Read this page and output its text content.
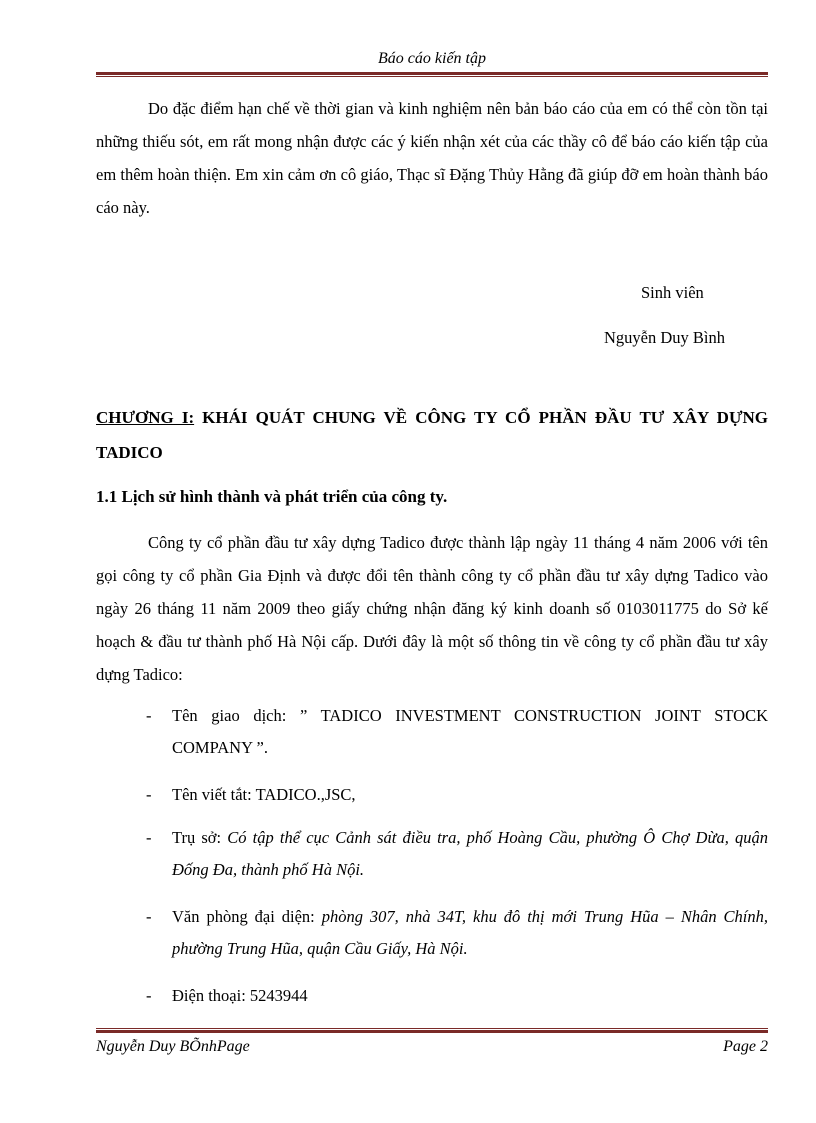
Báo cáo kiến tập

Do đặc điểm hạn chế về thời gian và kinh nghiệm nên bản báo cáo của em có thể còn tồn tại những thiếu sót, em rất mong nhận được các ý kiến nhận xét của các thầy cô để báo cáo kiến tập của em thêm hoàn thiện. Em xin cảm ơn cô giáo, Thạc sĩ Đặng Thủy Hằng đã giúp đỡ em hoàn thành báo cáo này.

Sinh viên
Nguyễn Duy Bình
CHƯƠNG I: KHÁI QUÁT CHUNG VỀ CÔNG TY CỔ PHẦN ĐẦU TƯ XÂY DỰNG TADICO
1.1 Lịch sử hình thành và phát triển của công ty.

Công ty cổ phần đầu tư xây dựng Tadico được thành lập ngày 11 tháng 4 năm 2006 với tên gọi công ty cổ phần Gia Định và được đổi tên thành công ty cổ phần đầu tư xây dựng Tadico vào ngày 26 tháng 11 năm 2009 theo giấy chứng nhận đăng ký kinh doanh số 0103011775 do Sở kế hoạch & đầu tư thành phố Hà Nội cấp. Dưới đây là một số thông tin về công ty cổ phần đầu tư xây dựng Tadico:

- Tên giao dịch: ” TADICO INVESTMENT CONSTRUCTION JOINT STOCK COMPANY ”.
- Tên viết tắt: TADICO.,JSC,
- Trụ sở: Có tập thể cục Cảnh sát điều tra, phố Hoàng Cầu, phường Ô Chợ Dừa, quận Đống Đa, thành phố Hà Nội.
- Văn phòng đại diện: phòng 307, nhà 34T, khu đô thị mới Trung Hũa – Nhân Chính, phường Trung Hũa, quận Cầu Giấy, Hà Nội.
- Điện thoại: 5243944
Nguyễn Duy BÕnhPage	Page 2
